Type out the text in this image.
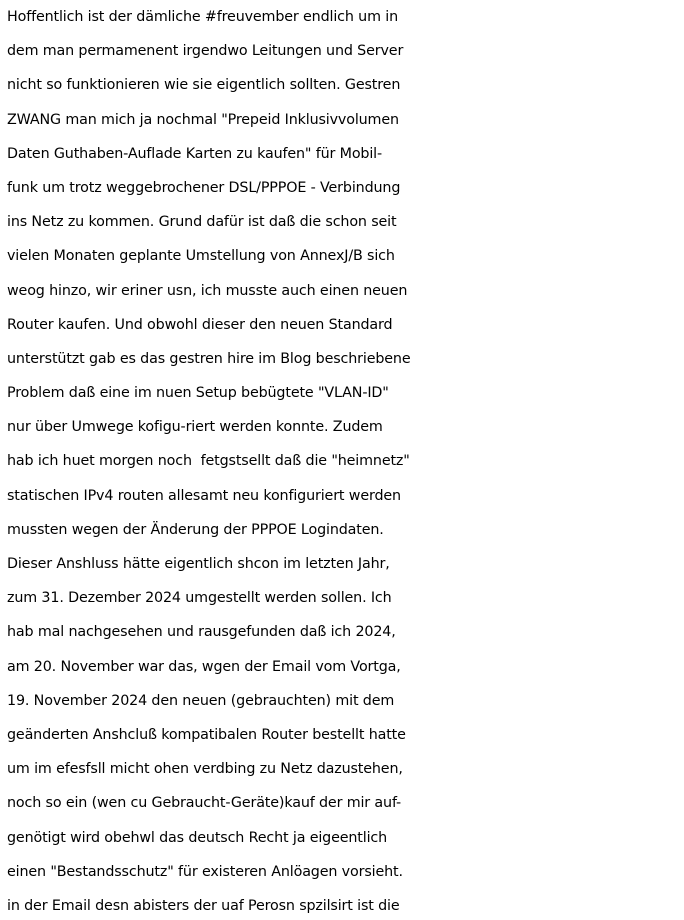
Hoffentlich ist der dämliche #freuvember endlich um in
dem man permamenent irgendwo Leitungen und Server
nicht so funktionieren wie sie eigentlich sollten. Gestren
ZWANG man mich ja nochmal "Prepeid Inklusivvolumen
Daten Guthaben-Auflade Karten zu kaufen" für Mobil-
funk um trotz weggebrochener DSL/PPPOE - Verbindung
ins Netz zu kommen. Grund dafür ist daß die schon seit
vielen Monaten geplante Umstellung von AnnexJ/B sich
weog hinzo, wir eriner usn, ich musste auch einen neuen
Router kaufen. Und obwohl dieser den neuen Standard
unterstützt gab es das gestren hire im Blog beschriebene
Problem daß eine im nuen Setup bebügtete "VLAN-ID"
nur über Umwege kofigu-riert werden konnte. Zudem
hab ich huet morgen noch  fetgstsellt daß die "heimnetz"
statischen IPv4 routen allesamt neu konfiguriert werden
mussten wegen der Änderung der PPPOE Logindaten.
Dieser Anshluss hätte eigentlich shcon im letzten Jahr,
zum 31. Dezember 2024 umgestellt werden sollen. Ich
hab mal nachgesehen und rausgefunden daß ich 2024,
am 20. November war das, wgen der Email vom Vortga,
19. November 2024 den neuen (gebrauchten) mit dem
geänderten Anshcluß kompatibalen Router bestellt hatte
um im efesfsll micht ohen verdbing zu Netz dazustehen,
noch so ein (wen cu Gebraucht-Geräte)kauf der mir auf-
genötigt wird obehwl das deutsch Recht ja eigeentlich
einen "Bestandsschutz" für existeren Anlöagen vorsieht.
in der Email desn abisters der uaf Perosn spzilsirt ist die
